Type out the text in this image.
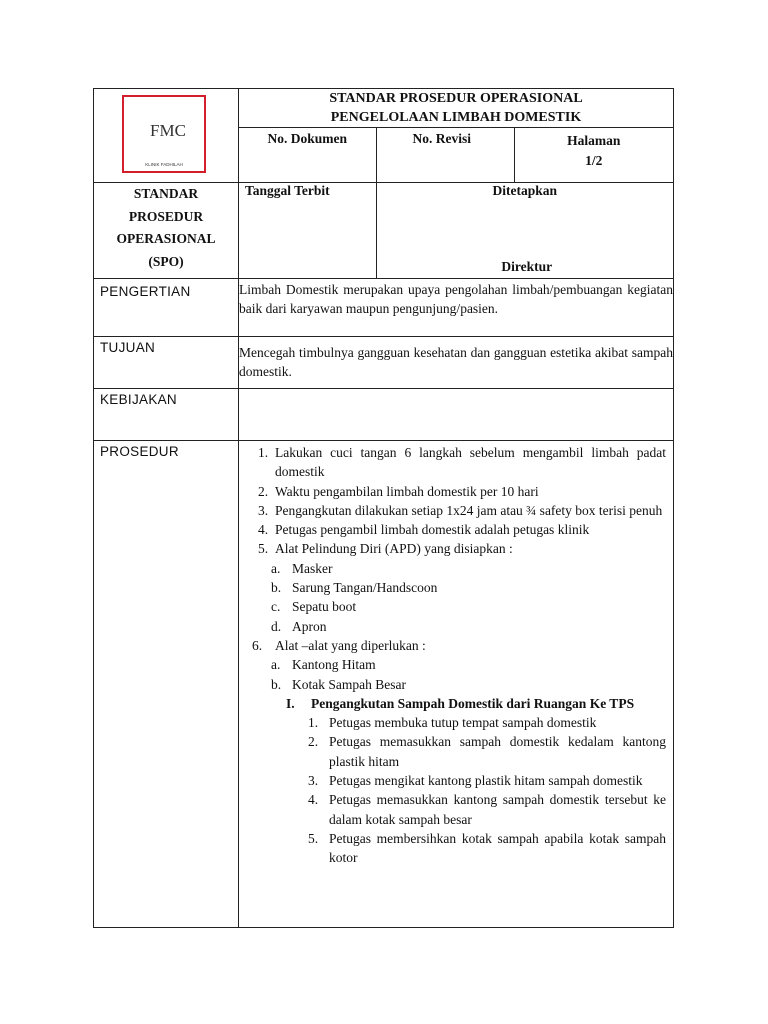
FMC
KLINIK FADHILAH

STANDAR PROSEDUR OPERASIONAL
PENGELOLAAN LIMBAH DOMESTIK
No. Dokumen	No. Revisi	Halaman
1/2

STANDAR
PROSEDUR
OPERASIONAL
(SPO)

Tanggal Terbit	Ditetapkan
Direktur

PENGERTIAN	Limbah Domestik merupakan upaya pengolahan limbah/pembuangan kegiatan baik dari karyawan maupun pengunjung/pasien.
TUJUAN	Mencegah timbulnya gangguan kesehatan dan gangguan estetika akibat sampah domestik.
KEBIJAKAN	
PROSEDUR	1. Lakukan cuci tangan 6 langkah sebelum mengambil limbah padat domestik
2. Waktu pengambilan limbah domestik per 10 hari
3. Pengangkutan dilakukan setiap 1x24 jam atau ¾ safety box terisi penuh
4. Petugas pengambil limbah domestik adalah petugas klinik
5. Alat Pelindung Diri (APD) yang disiapkan :
a. Masker
b. Sarung Tangan/Handscoon
c. Sepatu boot
d. Apron
6. Alat –alat yang diperlukan :
a. Kantong Hitam
b. Kotak Sampah Besar
I. Pengangkutan Sampah Domestik dari Ruangan Ke TPS
1. Petugas membuka tutup tempat sampah domestik
2. Petugas memasukkan sampah domestik kedalam kantong plastik hitam
3. Petugas mengikat kantong plastik hitam sampah domestik
4. Petugas memasukkan kantong sampah domestik tersebut ke dalam kotak sampah besar
5. Petugas membersihkan kotak sampah apabila kotak sampah kotor
